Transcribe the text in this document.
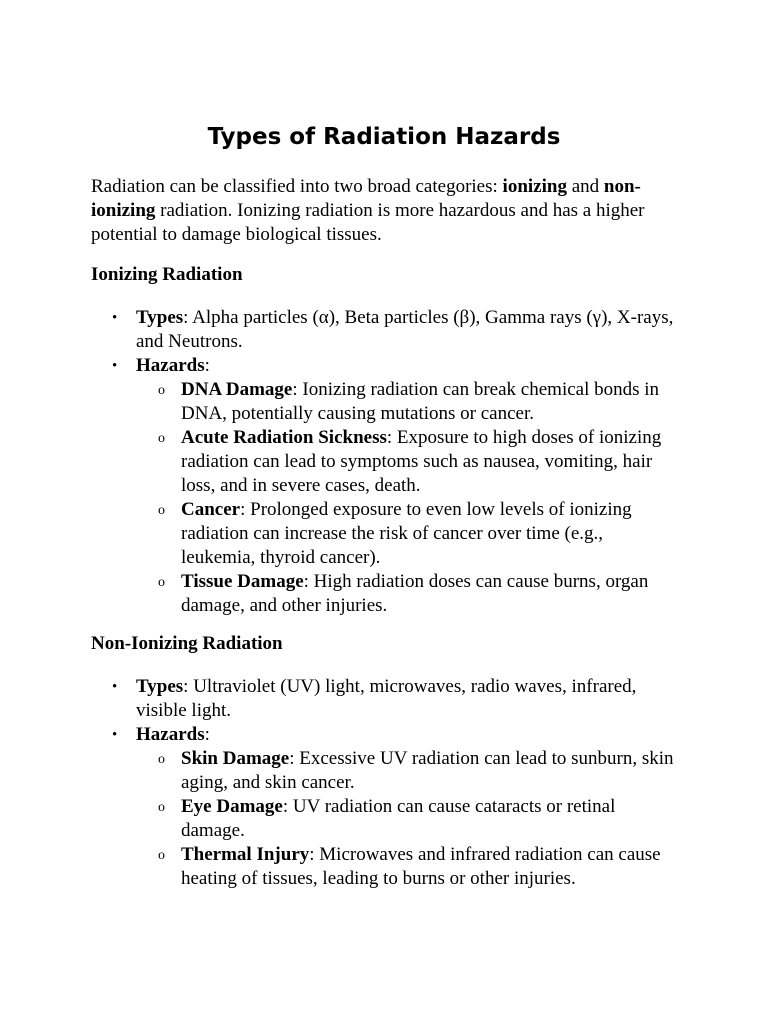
Types of Radiation Hazards

Radiation can be classified into two broad categories: ionizing and non-ionizing radiation. Ionizing radiation is more hazardous and has a higher potential to damage biological tissues.

Ionizing Radiation
• Types: Alpha particles (α), Beta particles (β), Gamma rays (γ), X-rays, and Neutrons.
• Hazards:
o DNA Damage: Ionizing radiation can break chemical bonds in DNA, potentially causing mutations or cancer.
o Acute Radiation Sickness: Exposure to high doses of ionizing radiation can lead to symptoms such as nausea, vomiting, hair loss, and in severe cases, death.
o Cancer: Prolonged exposure to even low levels of ionizing radiation can increase the risk of cancer over time (e.g., leukemia, thyroid cancer).
o Tissue Damage: High radiation doses can cause burns, organ damage, and other injuries.
Non-Ionizing Radiation
• Types: Ultraviolet (UV) light, microwaves, radio waves, infrared, visible light.
• Hazards:
o Skin Damage: Excessive UV radiation can lead to sunburn, skin aging, and skin cancer.
o Eye Damage: UV radiation can cause cataracts or retinal damage.
o Thermal Injury: Microwaves and infrared radiation can cause heating of tissues, leading to burns or other injuries.
